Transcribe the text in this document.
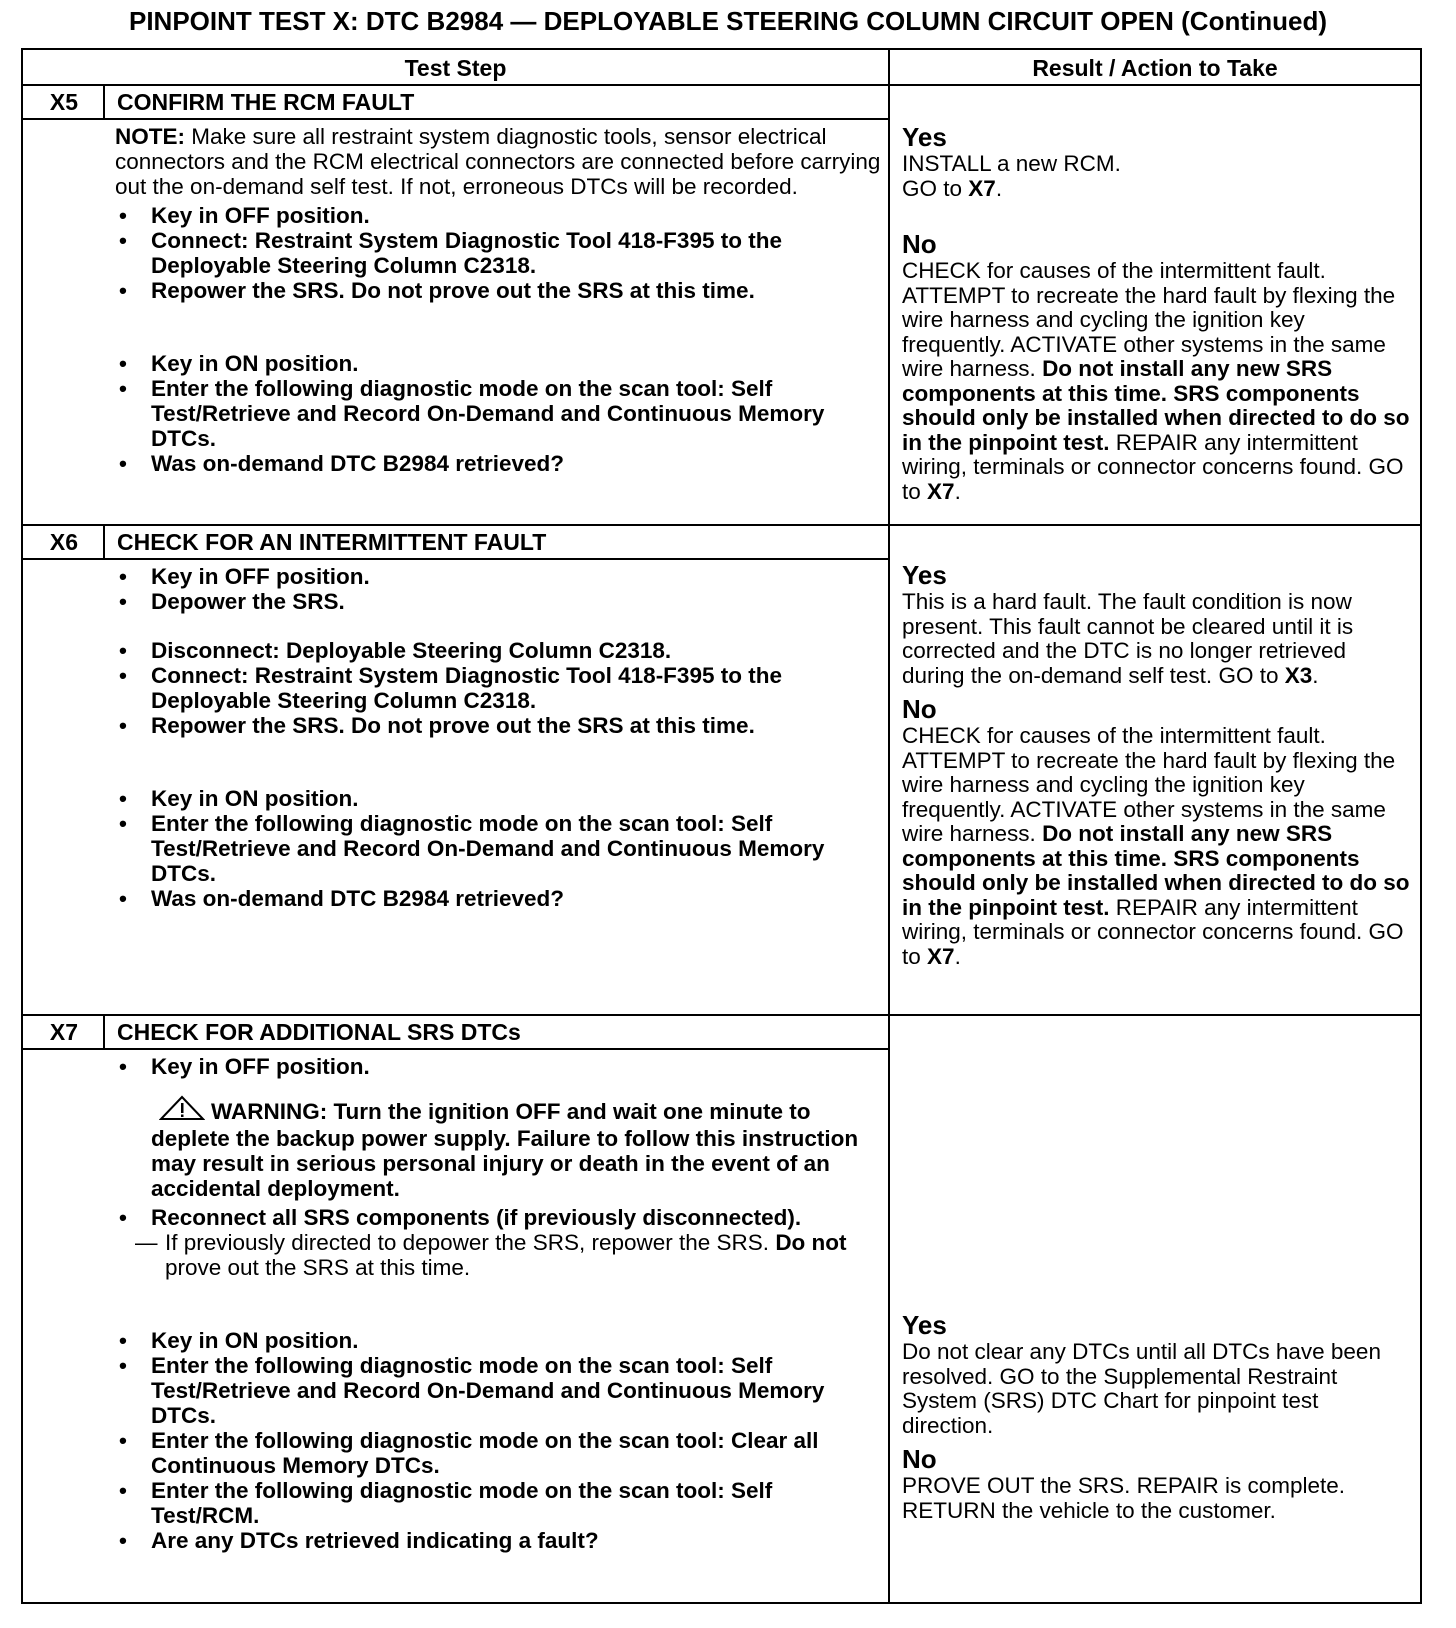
PINPOINT TEST X: DTC B2984 — DEPLOYABLE STEERING COLUMN CIRCUIT OPEN (Continued)
Test Step	Result / Action to Take
X5	CONFIRM THE RCM FAULT

NOTE: Make sure all restraint system diagnostic tools, sensor electrical connectors and the RCM electrical connectors are connected before carrying out the on-demand self test. If not, erroneous DTCs will be recorded.

• Key in OFF position.
• Connect: Restraint System Diagnostic Tool 418-F395 to the Deployable Steering Column C2318.
• Repower the SRS. Do not prove out the SRS at this time.
• Key in ON position.
• Enter the following diagnostic mode on the scan tool: Self Test/Retrieve and Record On-Demand and Continuous Memory DTCs.
• Was on-demand DTC B2984 retrieved?
Yes
INSTALL a new RCM.
GO to X7.
No
CHECK for causes of the intermittent fault. ATTEMPT to recreate the hard fault by flexing the wire harness and cycling the ignition key frequently. ACTIVATE other systems in the same wire harness. Do not install any new SRS components at this time. SRS components should only be installed when directed to do so in the pinpoint test. REPAIR any intermittent wiring, terminals or connector concerns found. GO to X7.
X6	CHECK FOR AN INTERMITTENT FAULT
• Key in OFF position.
• Depower the SRS.
• Disconnect: Deployable Steering Column C2318.
• Connect: Restraint System Diagnostic Tool 418-F395 to the Deployable Steering Column C2318.
• Repower the SRS. Do not prove out the SRS at this time.
• Key in ON position.
• Enter the following diagnostic mode on the scan tool: Self Test/Retrieve and Record On-Demand and Continuous Memory DTCs.
• Was on-demand DTC B2984 retrieved?
Yes
This is a hard fault. The fault condition is now present. This fault cannot be cleared until it is corrected and the DTC is no longer retrieved during the on-demand self test. GO to X3.
No
CHECK for causes of the intermittent fault. ATTEMPT to recreate the hard fault by flexing the wire harness and cycling the ignition key frequently. ACTIVATE other systems in the same wire harness. Do not install any new SRS components at this time. SRS components should only be installed when directed to do so in the pinpoint test. REPAIR any intermittent wiring, terminals or connector concerns found. GO to X7.
X7	CHECK FOR ADDITIONAL SRS DTCs
• Key in OFF position.
WARNING: Turn the ignition OFF and wait one minute to deplete the backup power supply. Failure to follow this instruction may result in serious personal injury or death in the event of an accidental deployment.
• Reconnect all SRS components (if previously disconnected).
— If previously directed to depower the SRS, repower the SRS. Do not prove out the SRS at this time.
• Key in ON position.
• Enter the following diagnostic mode on the scan tool: Self Test/Retrieve and Record On-Demand and Continuous Memory DTCs.
• Enter the following diagnostic mode on the scan tool: Clear all Continuous Memory DTCs.
• Enter the following diagnostic mode on the scan tool: Self Test/RCM.
• Are any DTCs retrieved indicating a fault?
Yes
Do not clear any DTCs until all DTCs have been resolved. GO to the Supplemental Restraint System (SRS) DTC Chart for pinpoint test direction.
No
PROVE OUT the SRS. REPAIR is complete. RETURN the vehicle to the customer.
